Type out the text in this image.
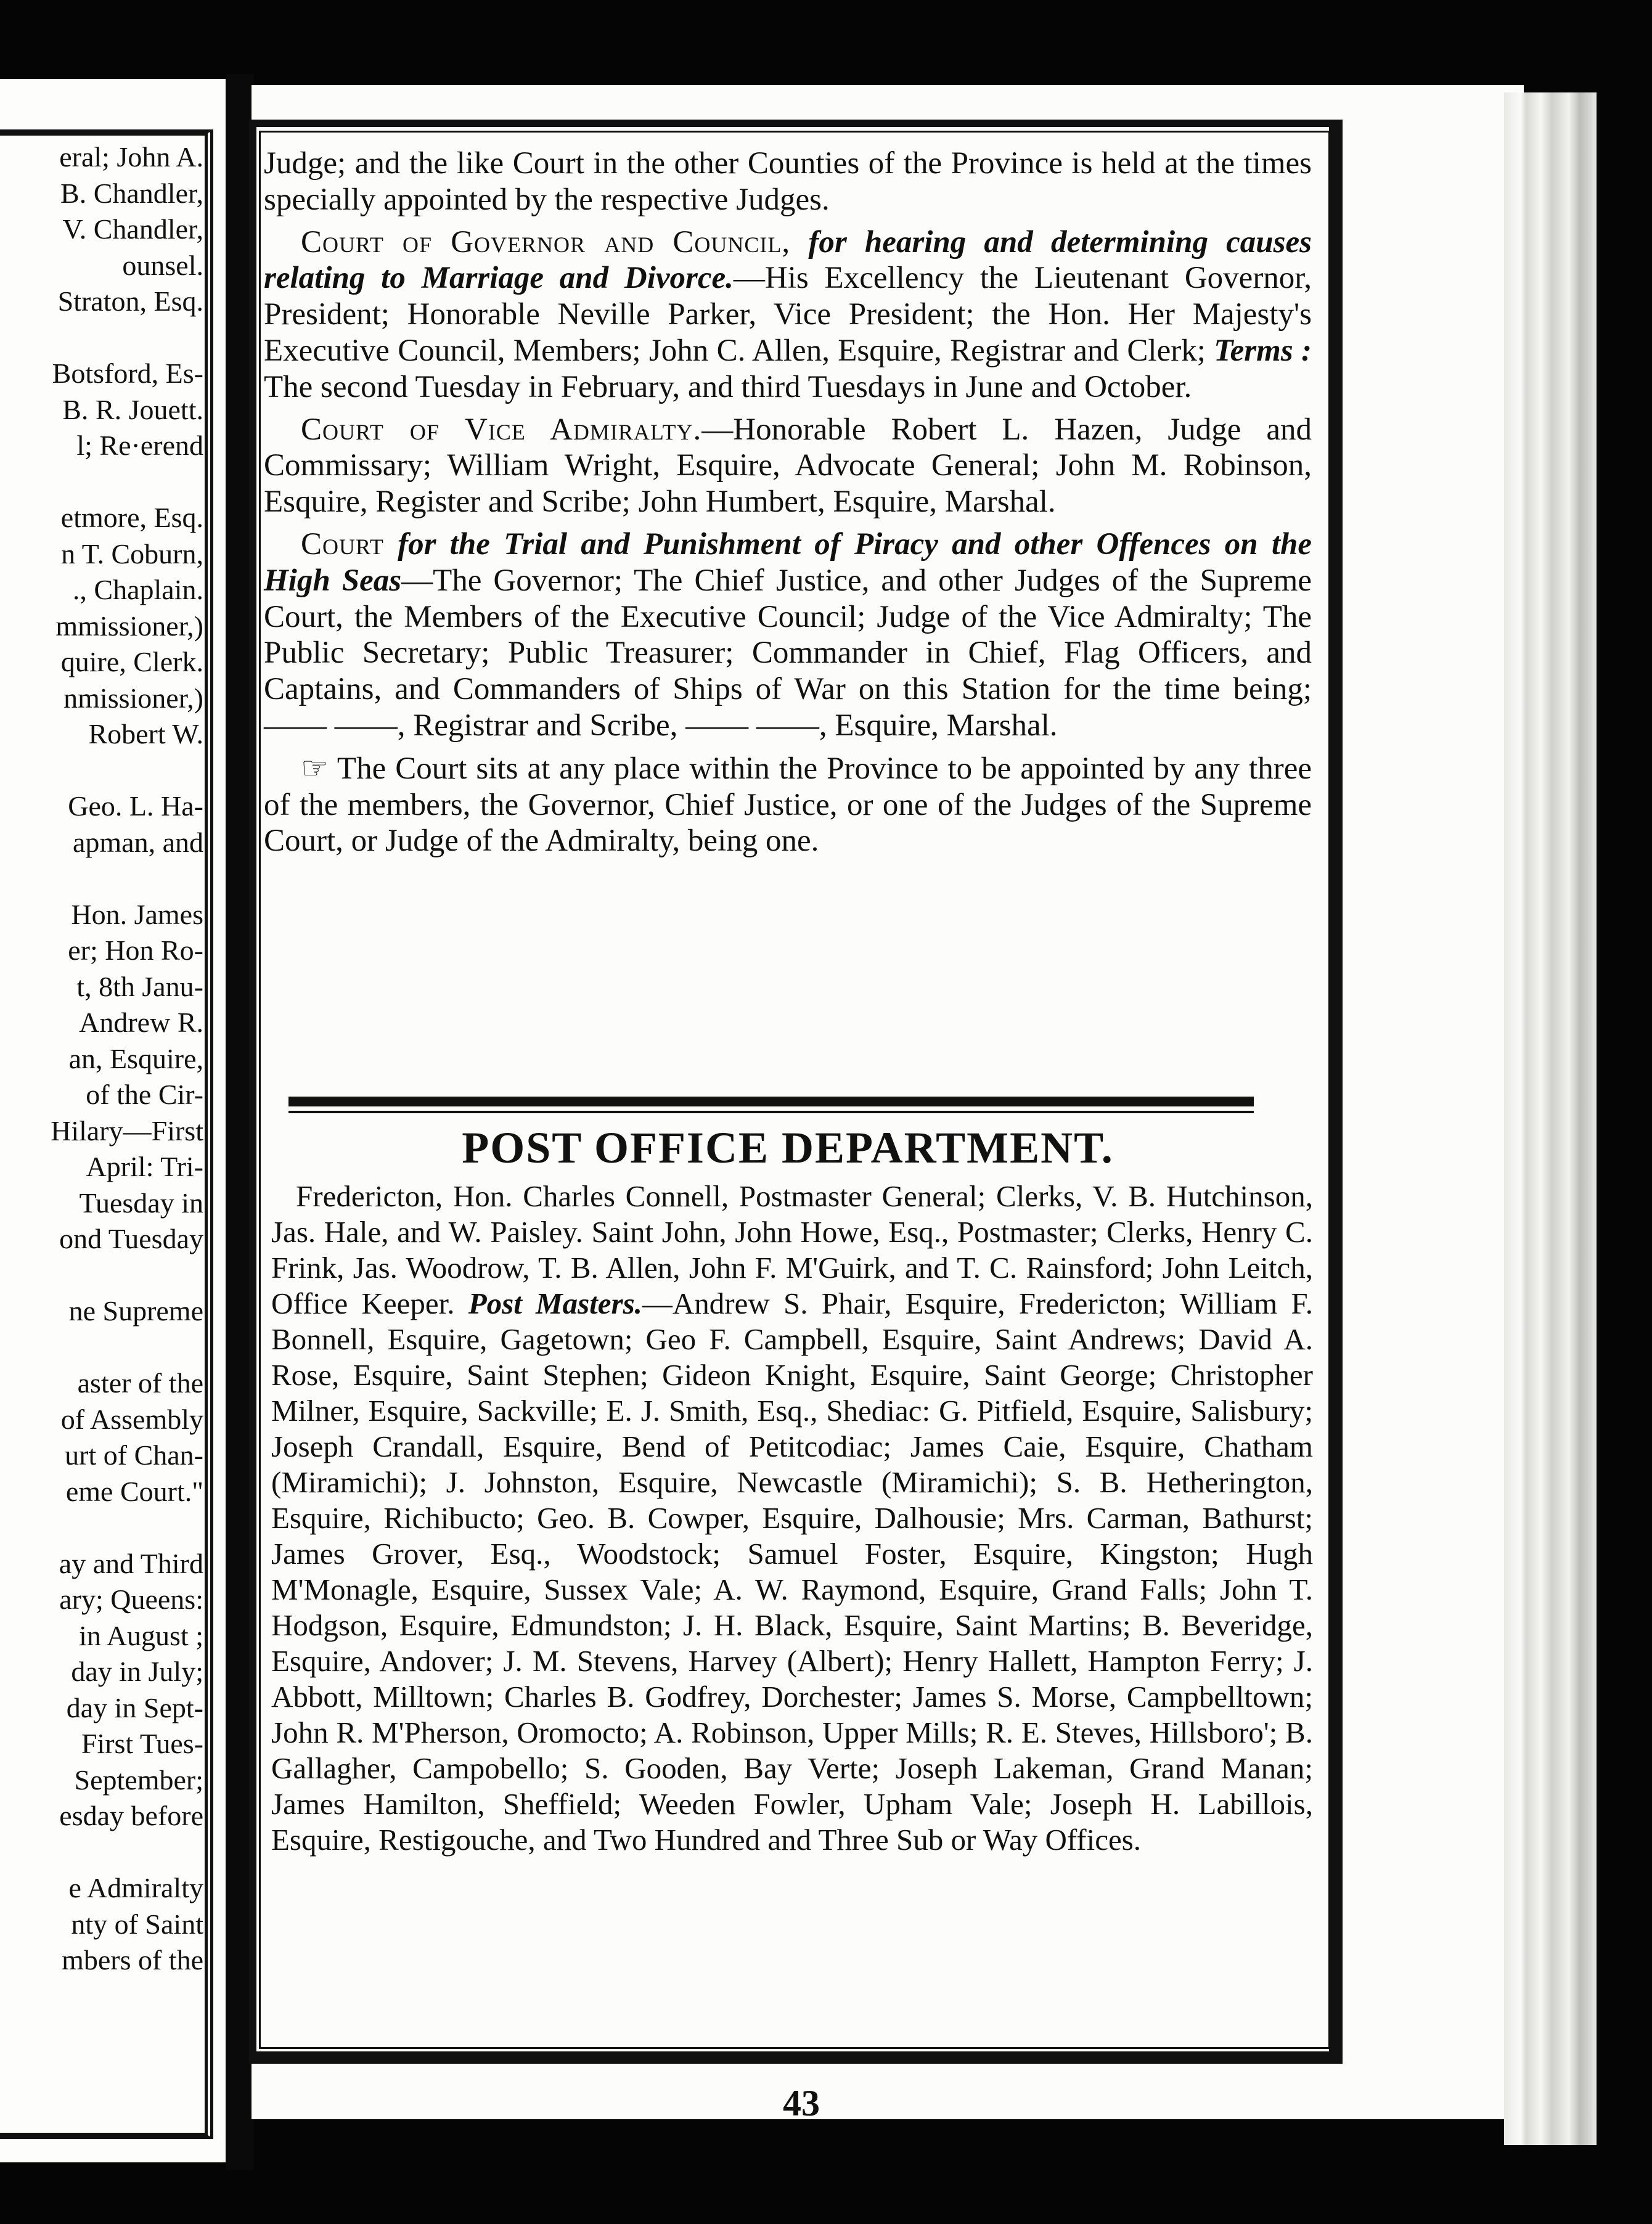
eral; John A.
B. Chandler,
V. Chandler,
ounsel.
Straton, Esq.
Botsford, Es-
B. R. Jouett.
l; Re·erend
etmore, Esq.
n T. Coburn,
., Chaplain.
mmissioner,)
quire, Clerk.
nmissioner,)
Robert W.
Geo. L. Ha-
apman, and
Hon. James
er; Hon Ro-
t, 8th Janu-
Andrew R.
an, Esquire,
of the Cir-
Hilary—First
April: Tri-
Tuesday in
ond Tuesday
ne Supreme
aster of the
of Assembly
urt of Chan-
eme Court."
ay and Third
ary; Queens:
in August ;
day in July;
day in Sept-
First Tues-
September;
esday before
e Admiralty
nty of Saint
mbers of the

Judge; and the like Court in the other Counties of the Province is held at the times specially appointed by the respective Judges.

Court of Governor and Council, for hearing and determining causes relating to Marriage and Divorce.—His Excellency the Lieutenant Governor, President; Honorable Neville Parker, Vice President; the Hon. Her Majesty's Executive Council, Members; John C. Allen, Esquire, Registrar and Clerk; Terms : The second Tuesday in February, and third Tuesdays in June and October.

Court of Vice Admiralty.—Honorable Robert L. Hazen, Judge and Commissary; William Wright, Esquire, Advocate General; John M. Robinson, Esquire, Register and Scribe; John Humbert, Esquire, Marshal.

Court for the Trial and Punishment of Piracy and other Offences on the High Seas—The Governor; The Chief Justice, and other Judges of the Supreme Court, the Members of the Executive Council; Judge of the Vice Admiralty; The Public Secretary; Public Treasurer; Commander in Chief, Flag Officers, and Captains, and Commanders of Ships of War on this Station for the time being; —— ——, Registrar and Scribe, —— ——, Esquire, Marshal.

☞ The Court sits at any place within the Province to be appointed by any three of the members, the Governor, Chief Justice, or one of the Judges of the Supreme Court, or Judge of the Admiralty, being one.

POST OFFICE DEPARTMENT.

Fredericton, Hon. Charles Connell, Postmaster General; Clerks, V. B. Hutchinson, Jas. Hale, and W. Paisley. Saint John, John Howe, Esq., Postmaster; Clerks, Henry C. Frink, Jas. Woodrow, T. B. Allen, John F. M'Guirk, and T. C. Rainsford; John Leitch, Office Keeper. Post Masters.—Andrew S. Phair, Esquire, Fredericton; William F. Bonnell, Esquire, Gagetown; Geo F. Campbell, Esquire, Saint Andrews; David A. Rose, Esquire, Saint Stephen; Gideon Knight, Esquire, Saint George; Christopher Milner, Esquire, Sackville; E. J. Smith, Esq., Shediac: G. Pitfield, Esquire, Salisbury; Joseph Crandall, Esquire, Bend of Petitcodiac; James Caie, Esquire, Chatham (Miramichi); J. Johnston, Esquire, Newcastle (Miramichi); S. B. Hetherington, Esquire, Richibucto; Geo. B. Cowper, Esquire, Dalhousie; Mrs. Carman, Bathurst; James Grover, Esq., Woodstock; Samuel Foster, Esquire, Kingston; Hugh M'Monagle, Esquire, Sussex Vale; A. W. Raymond, Esquire, Grand Falls; John T. Hodgson, Esquire, Edmundston; J. H. Black, Esquire, Saint Martins; B. Beveridge, Esquire, Andover; J. M. Stevens, Harvey (Albert); Henry Hallett, Hampton Ferry; J. Abbott, Milltown; Charles B. Godfrey, Dorchester; James S. Morse, Campbelltown; John R. M'Pherson, Oromocto; A. Robinson, Upper Mills; R. E. Steves, Hillsboro'; B. Gallagher, Campobello; S. Gooden, Bay Verte; Joseph Lakeman, Grand Manan; James Hamilton, Sheffield; Weeden Fowler, Upham Vale; Joseph H. Labillois, Esquire, Restigouche, and Two Hundred and Three Sub or Way Offices.

43
